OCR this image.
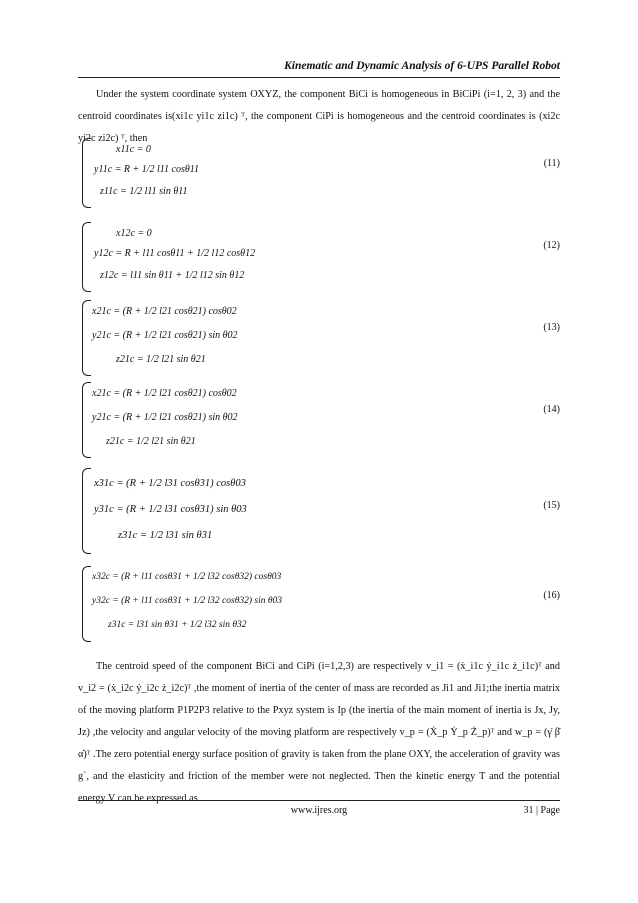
Kinematic and Dynamic Analysis of 6-UPS Parallel Robot
Under the system coordinate system OXYZ, the component BiCi is homogeneous in BiCiPi (i=1, 2, 3) and the centroid coordinates is(xi1c yi1c zi1c) ᵀ, the component CiPi is homogeneous and the centroid coordinates is (xi2c yi2c zi2c) ᵀ, then
x11c = 0
y11c = R + 1/2 l11 cosθ11
z11c = 1/2 l11 sin θ11
(11)
x12c = 0
y12c = R + l11 cosθ11 + 1/2 l12 cosθ12
z12c = l11 sin θ11 + 1/2 l12 sin θ12
(12)
x21c = (R + 1/2 l21 cosθ21) cosθ02
y21c = (R + 1/2 l21 cosθ21) sin θ02
z21c = 1/2 l21 sin θ21
(13)
x21c = (R + 1/2 l21 cosθ21) cosθ02
y21c = (R + 1/2 l21 cosθ21) sin θ02
z21c = 1/2 l21 sin θ21
(14)
x31c = (R + 1/2 l31 cosθ31) cosθ03
y31c = (R + 1/2 l31 cosθ31) sin θ03
z31c = 1/2 l31 sin θ31
(15)
x32c = (R + l11 cosθ31 + 1/2 l32 cosθ32) cosθ03
y32c = (R + l11 cosθ31 + 1/2 l32 cosθ32) sin θ03
z31c = l31 sin θ31 + 1/2 l32 sin θ32
(16)
The centroid speed of the component BiCi and CiPi (i=1,2,3) are respectively v_i1 = (ẋ_i1c ẏ_i1c ż_i1c)ᵀ and v_i2 = (ẋ_i2c ẏ_i2c ż_i2c)ᵀ ,the moment of inertia of the center of mass are recorded as Ji1 and Ji1;the inertia matrix of the moving platform P1P2P3 relative to the Pxyz system is Ip (the inertia of the main moment of inertia is Jx, Jy, Jz) ,the velocity and angular velocity of the moving platform are respectively v_p = (Ẋ_p Ẏ_p Ż_p)ᵀ and w_p = (γ̇ β̇ α̇)ᵀ .The zero potential energy surface position of gravity is taken from the plane OXY, the acceleration of gravity was g`, and the elasticity and friction of the member were not neglected. Then the kinetic energy T and the potential energy V can be expressed as
www.ijres.org	31 | Page
